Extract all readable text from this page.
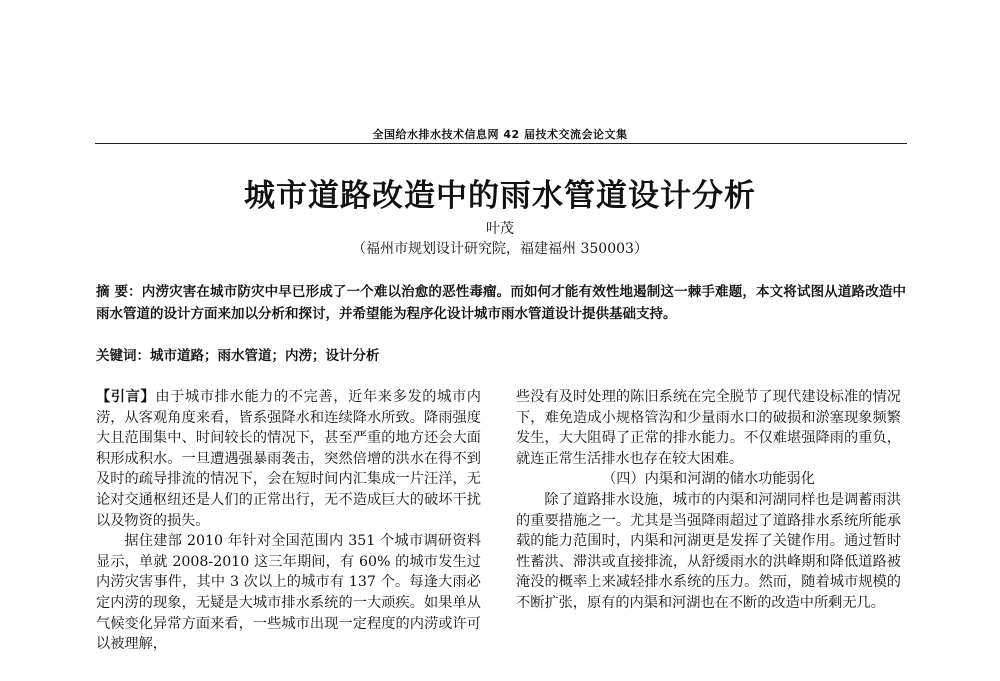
全国给水排水技术信息网 42 届技术交流会论文集
城市道路改造中的雨水管道设计分析
叶茂
（福州市规划设计研究院，福建福州 350003）
摘 要：内涝灾害在城市防灾中早已形成了一个难以治愈的恶性毒瘤。而如何才能有效性地遏制这一棘手难题，本文将试图从道路改造中雨水管道的设计方面来加以分析和探讨，并希望能为程序化设计城市雨水管道设计提供基础支持。
关键词：城市道路；雨水管道；内涝；设计分析

【引言】由于城市排水能力的不完善，近年来多发的城市内涝，从客观角度来看，皆系强降水和连续降水所致。降雨强度大且范围集中、时间较长的情况下，甚至严重的地方还会大面积形成积水。一旦遭遇强暴雨袭击，突然倍增的洪水在得不到及时的疏导排流的情况下，会在短时间内汇集成一片汪洋，无论对交通枢纽还是人们的正常出行，无不造成巨大的破坏干扰以及物资的损失。

据住建部 2010 年针对全国范围内 351 个城市调研资料显示，单就 2008-2010 这三年期间，有 60% 的城市发生过内涝灾害事件，其中 3 次以上的城市有 137 个。每逢大雨必定内涝的现象，无疑是大城市排水系统的一大顽疾。如果单从气候变化异常方面来看，一些城市出现一定程度的内涝或许可以被理解，

些没有及时处理的陈旧系统在完全脱节了现代建设标准的情况下，难免造成小规格管沟和少量雨水口的破损和淤塞现象频繁发生，大大阻碍了正常的排水能力。不仅难堪强降雨的重负，就连正常生活排水也存在较大困难。

（四）内渠和河湖的储水功能弱化

除了道路排水设施，城市的内渠和河湖同样也是调蓄雨洪的重要措施之一。尤其是当强降雨超过了道路排水系统所能承载的能力范围时，内渠和河湖更是发挥了关键作用。通过暂时性蓄洪、滞洪或直接排流，从舒缓雨水的洪峰期和降低道路被淹没的概率上来减轻排水系统的压力。然而，随着城市规模的不断扩张，原有的内渠和河湖也在不断的改造中所剩无几。
